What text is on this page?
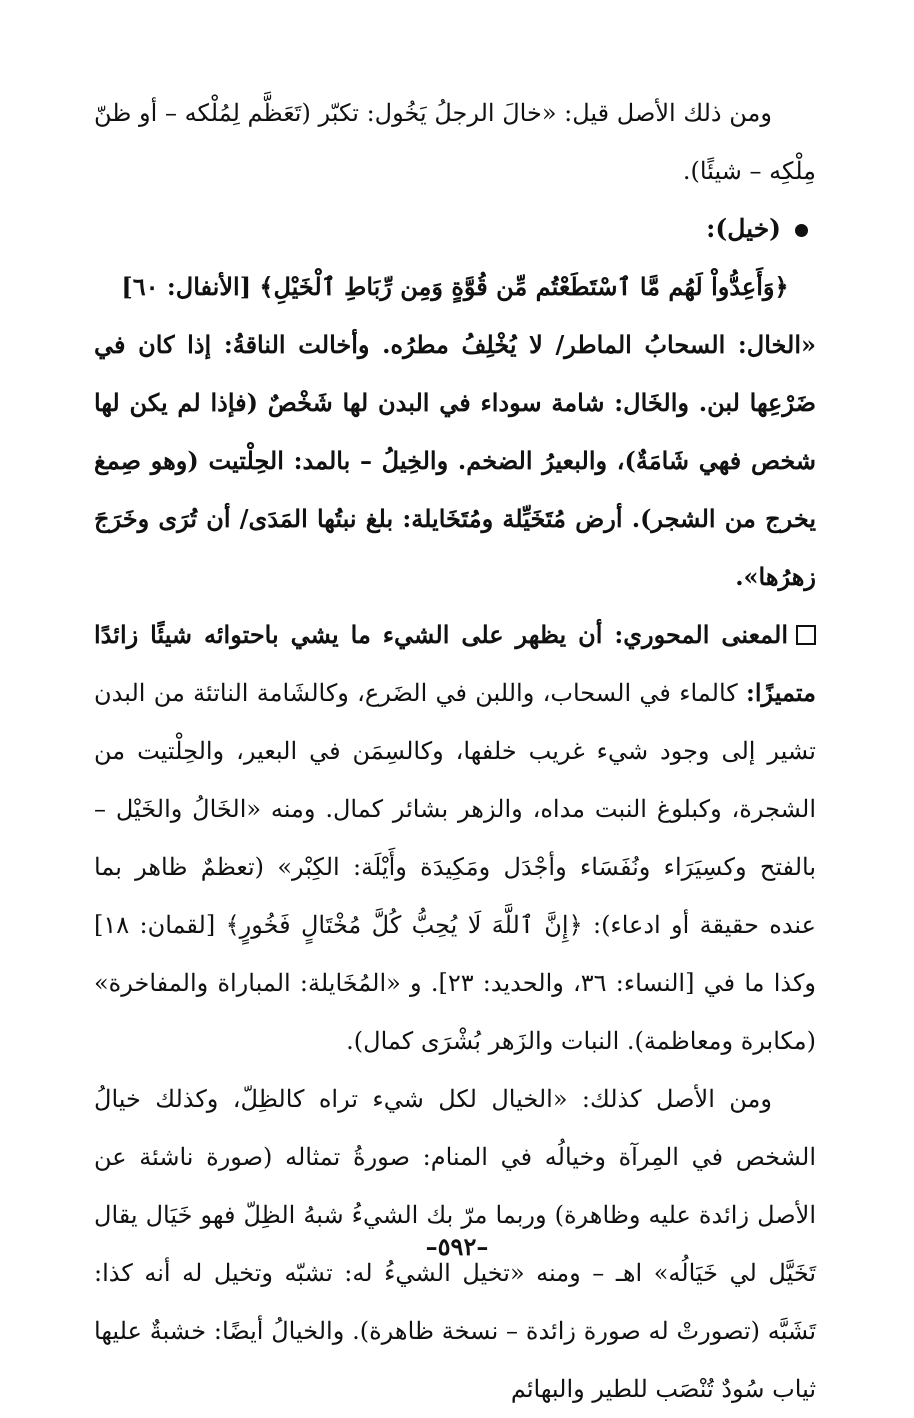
ومن ذلك الأصل قيل: «خالَ الرجلُ يَخُول: تكبّر (تَعَظَّم لِمُلْكه – أو ظنّ مِلْكِه – شيئًا).

(خيل):

﴿وَأَعِدُّواْ لَهُم مَّا ٱسْتَطَعْتُم مِّن قُوَّةٍ وَمِن رِّبَاطِ ٱلْخَيْلِ﴾ [الأنفال: ٦٠]

«الخال: السحابُ الماطر/ لا يُخْلِفُ مطرُه. وأخالت الناقةُ: إذا كان في ضَرْعِها لبن. والخَال: شامة سوداء في البدن لها شَخْصٌ (فإذا لم يكن لها شخص فهي شَامَةٌ)، والبعيرُ الضخم. والخِيلُ – بالمد: الحِلْتيت (وهو صِمغ يخرج من الشجر). أرض مُتَخَيِّلة ومُتَخَايلة: بلغ نبتُها المَدَى/ أن تُرَى وخَرَجَ زهرُها».

المعنى المحوري: أن يظهر على الشيء ما يشي باحتوائه شيئًا زائدًا متميزًا: كالماء في السحاب، واللبن في الضَرع، وكالشَامة الناتئة من البدن تشير إلى وجود شيء غريب خلفها، وكالسِمَن في البعير، والحِلْتيت من الشجرة، وكبلوغ النبت مداه، والزهر بشائر كمال. ومنه «الخَالُ والخَيْل – بالفتح وكسِيَرَاء ونُفَسَاء وأجْدَل ومَكِيدَة وأَيْلَة: الكِبْر» (تعظمٌ ظاهر بما عنده حقيقة أو ادعاء): ﴿إِنَّ ٱللَّهَ لَا يُحِبُّ كُلَّ مُخْتَالٍ فَخُورٍ﴾ [لقمان: ١٨] وكذا ما في [النساء: ٣٦، والحديد: ٢٣]. و «المُخَايلة: المباراة والمفاخرة» (مكابرة ومعاظمة). النبات والزَهر بُشْرَى كمال).

ومن الأصل كذلك: «الخيال لكل شيء تراه كالظِلّ، وكذلك خيالُ الشخص في المِرآة وخيالُه في المنام: صورةُ تمثاله (صورة ناشئة عن الأصل زائدة عليه وظاهرة) وربما مرّ بك الشيءُ شبهُ الظِلّ فهو خَيَال يقال تَخَيَّل لي خَيَالُه» اهـ – ومنه «تخيل الشيءُ له: تشبّه وتخيل له أنه كذا: تَشَبَّه (تصورتْ له صورة زائدة – نسخة ظاهرة). والخيالُ أيضًا: خشبةٌ عليها ثياب سُودٌ تُنْصَب للطير والبهائم

–٥٩٢–
